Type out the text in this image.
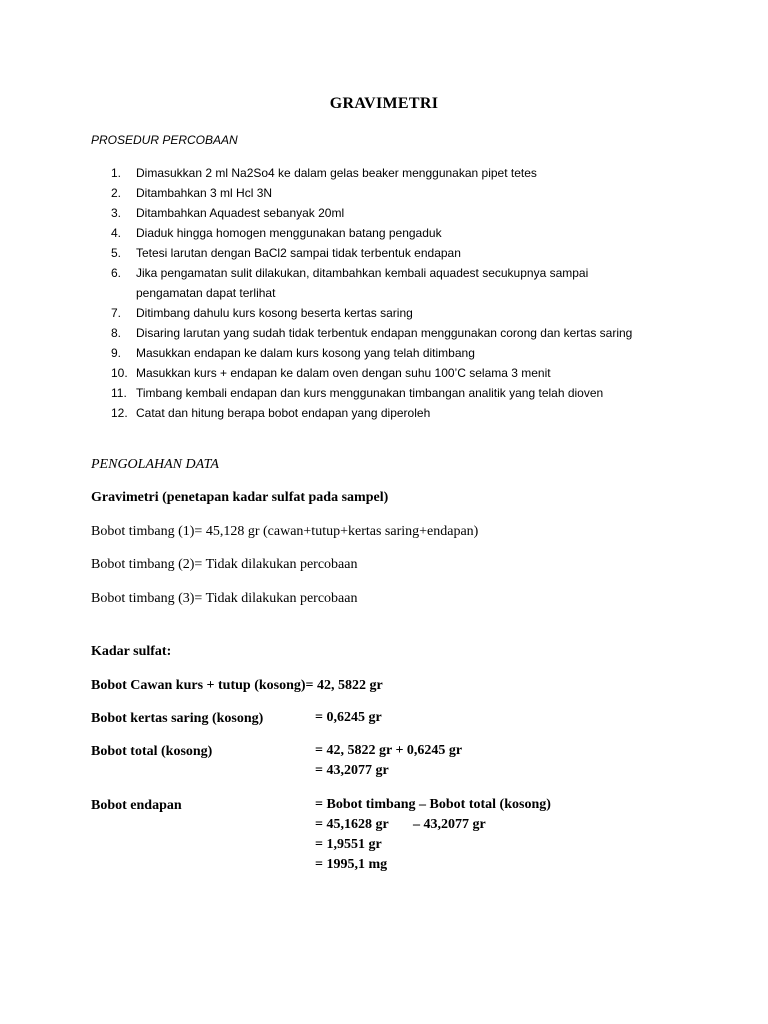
GRAVIMETRI
PROSEDUR PERCOBAAN
1.	Dimasukkan 2 ml Na2So4 ke dalam gelas beaker menggunakan pipet tetes
2.	Ditambahkan 3 ml Hcl 3N
3.	Ditambahkan Aquadest sebanyak 20ml
4.	Diaduk hingga homogen menggunakan batang pengaduk
5.	Tetesi larutan dengan BaCl2 sampai tidak terbentuk endapan
6.	Jika pengamatan sulit dilakukan, ditambahkan kembali aquadest secukupnya sampai pengamatan dapat terlihat
7.	Ditimbang dahulu kurs kosong beserta kertas saring
8.	Disaring larutan yang sudah tidak terbentuk endapan menggunakan corong dan kertas saring
9.	Masukkan endapan ke dalam kurs kosong yang telah ditimbang
10. Masukkan kurs + endapan ke dalam oven dengan suhu 100’C selama 3 menit
11. Timbang kembali endapan dan kurs menggunakan timbangan analitik yang telah dioven
12. Catat dan hitung berapa bobot endapan yang diperoleh
PENGOLAHAN DATA
Gravimetri (penetapan kadar sulfat pada sampel)
Bobot timbang (1)= 45,128 gr (cawan+tutup+kertas saring+endapan)
Bobot timbang (2)= Tidak dilakukan percobaan
Bobot timbang (3)= Tidak dilakukan percobaan
Kadar sulfat:
Bobot Cawan kurs + tutup (kosong)= 42, 5822 gr
Bobot kertas saring (kosong)	= 0,6245 gr
Bobot total (kosong)	= 42, 5822 gr + 0,6245 gr
= 43,2077 gr
Bobot endapan	= Bobot timbang – Bobot total (kosong)
= 45,1628 gr       – 43,2077 gr
= 1,9551 gr
= 1995,1 mg
